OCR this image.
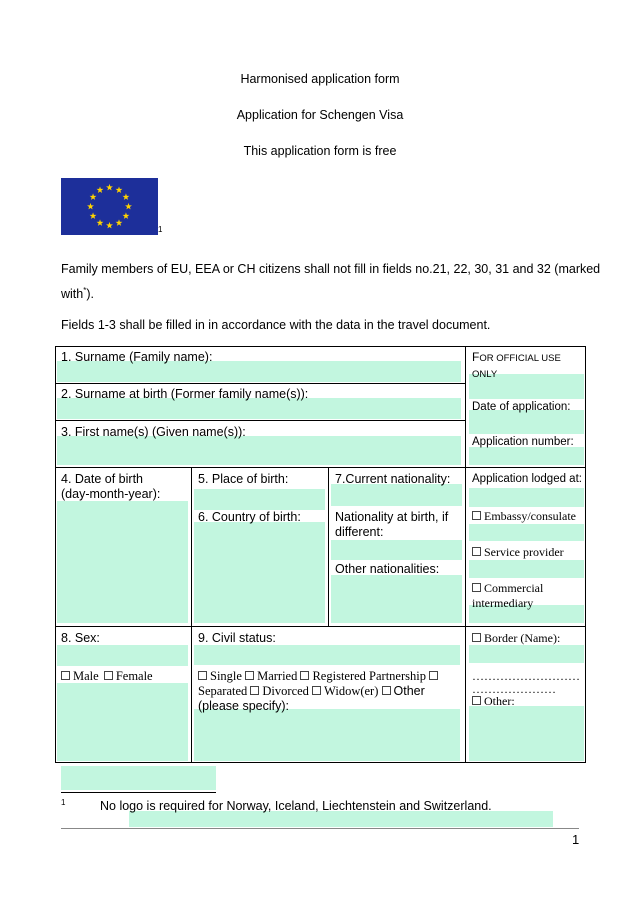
Harmonised application form
Application for Schengen Visa
This application form is free
1
Family members of EU, EEA or CH citizens shall not fill in fields no.21, 22, 30, 31 and 32 (marked
with*).
Fields 1-3 shall be filled in in accordance with the data in the travel document.
1. Surname (Family name):
2. Surname at birth (Former family name(s)):
3. First name(s) (Given name(s)):
4. Date of birth
(day-month-year):
5. Place of birth:
6. Country of birth:
7.Current nationality:
Nationality at birth, if
different:
Other nationalities:
8. Sex:
Male Female
9. Civil status:
Single Married Registered Partnership
Separated Divorced Widow(er) Other
(please specify):
FOR OFFICIAL USE
ONLY
Date of application:
Application number:
Application lodged at:
Embassy/consulate
Service provider
Commercial
intermediary
Border (Name):
………………………
…………………
Other:
1	No logo is required for Norway, Iceland, Liechtenstein and Switzerland.
1
